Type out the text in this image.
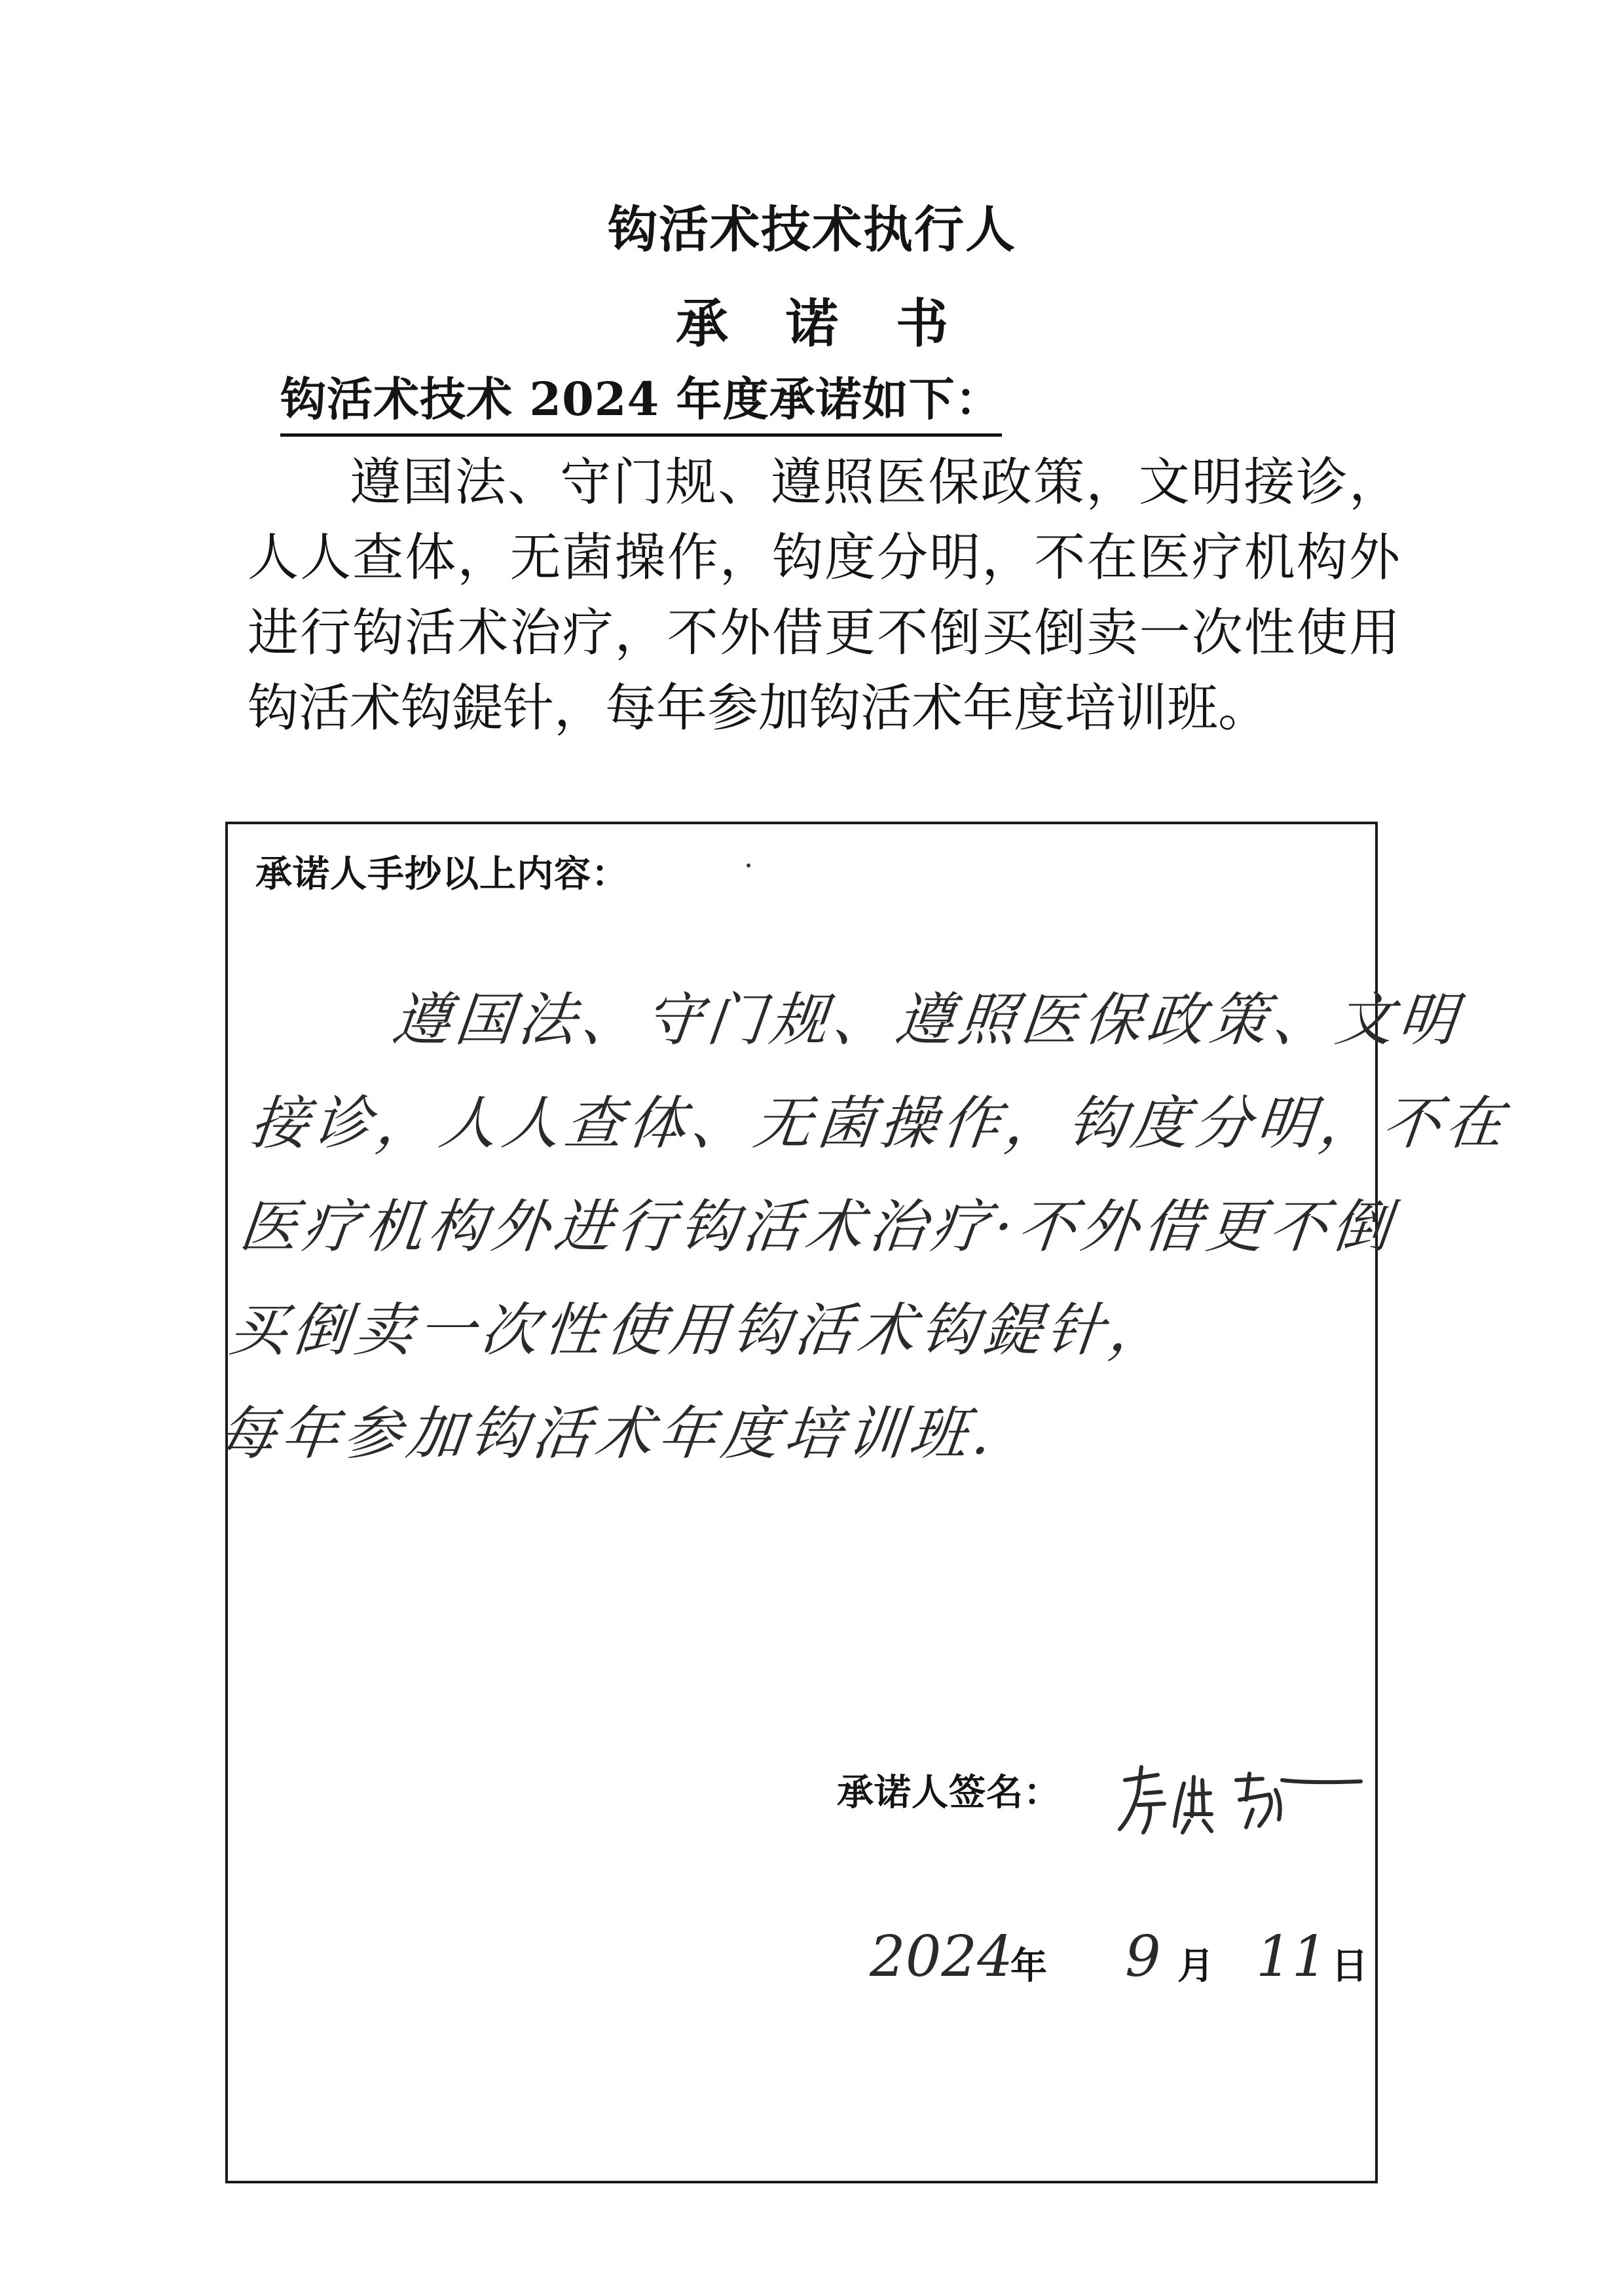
钩活术技术执行人
承诺书
钩活术技术 2024 年度承诺如下：
遵国法、守门规、遵照医保政策，文明接诊，人人查体，无菌操作，钩度分明，不在医疗机构外进行钩活术治疗，不外借更不倒买倒卖一次性使用钩活术钩鍉针，每年参加钩活术年度培训班。
承诺人手抄以上内容：
遵国法、守门规、遵照医保政策、文明
接诊，人人查体、无菌操作，钩度分明，不在
医疗机构外进行钩活术治疗·不外借更不倒
买倒卖一次性使用钩活术钩鍉针，
每年参加钩活术年度培训班.
承诺人签名：
2024
年 9 月 11 日
